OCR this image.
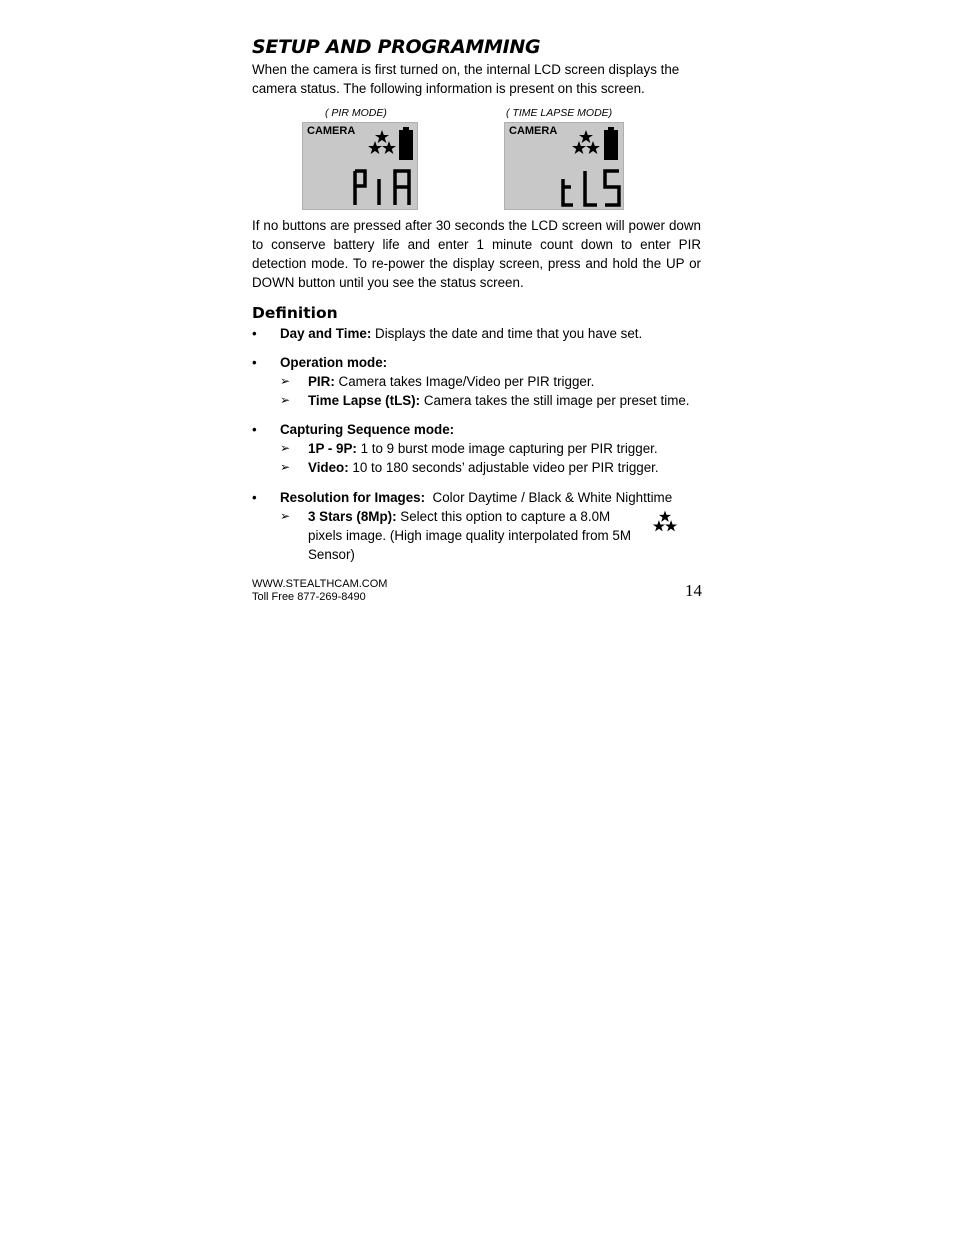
SETUP AND PROGRAMMING

When the camera is first turned on, the internal LCD screen displays the camera status. The following information is present on this screen.

( PIR MODE)
CAMERA
( TIME LAPSE MODE)
CAMERA

If no buttons are pressed after 30 seconds the LCD screen will power down to conserve battery life and enter 1 minute count down to enter PIR detection mode. To re-power the display screen, press and hold the UP or DOWN button until you see the status screen.

Definition
• Day and Time: Displays the date and time that you have set.
• Operation mode:
➢ PIR: Camera takes Image/Video per PIR trigger.
➢ Time Lapse (tLS): Camera takes the still image per preset time.
• Capturing Sequence mode:
➢ 1P - 9P: 1 to 9 burst mode image capturing per PIR trigger.
➢ Video: 10 to 180 seconds’ adjustable video per PIR trigger.
• Resolution for Images:  Color Daytime / Black & White Nighttime
➢ 3 Stars (8Mp): Select this option to capture a 8.0M pixels image. (High image quality interpolated from 5M Sensor)
WWW.STEALTHCAM.COM
Toll Free 877-269-8490	14
